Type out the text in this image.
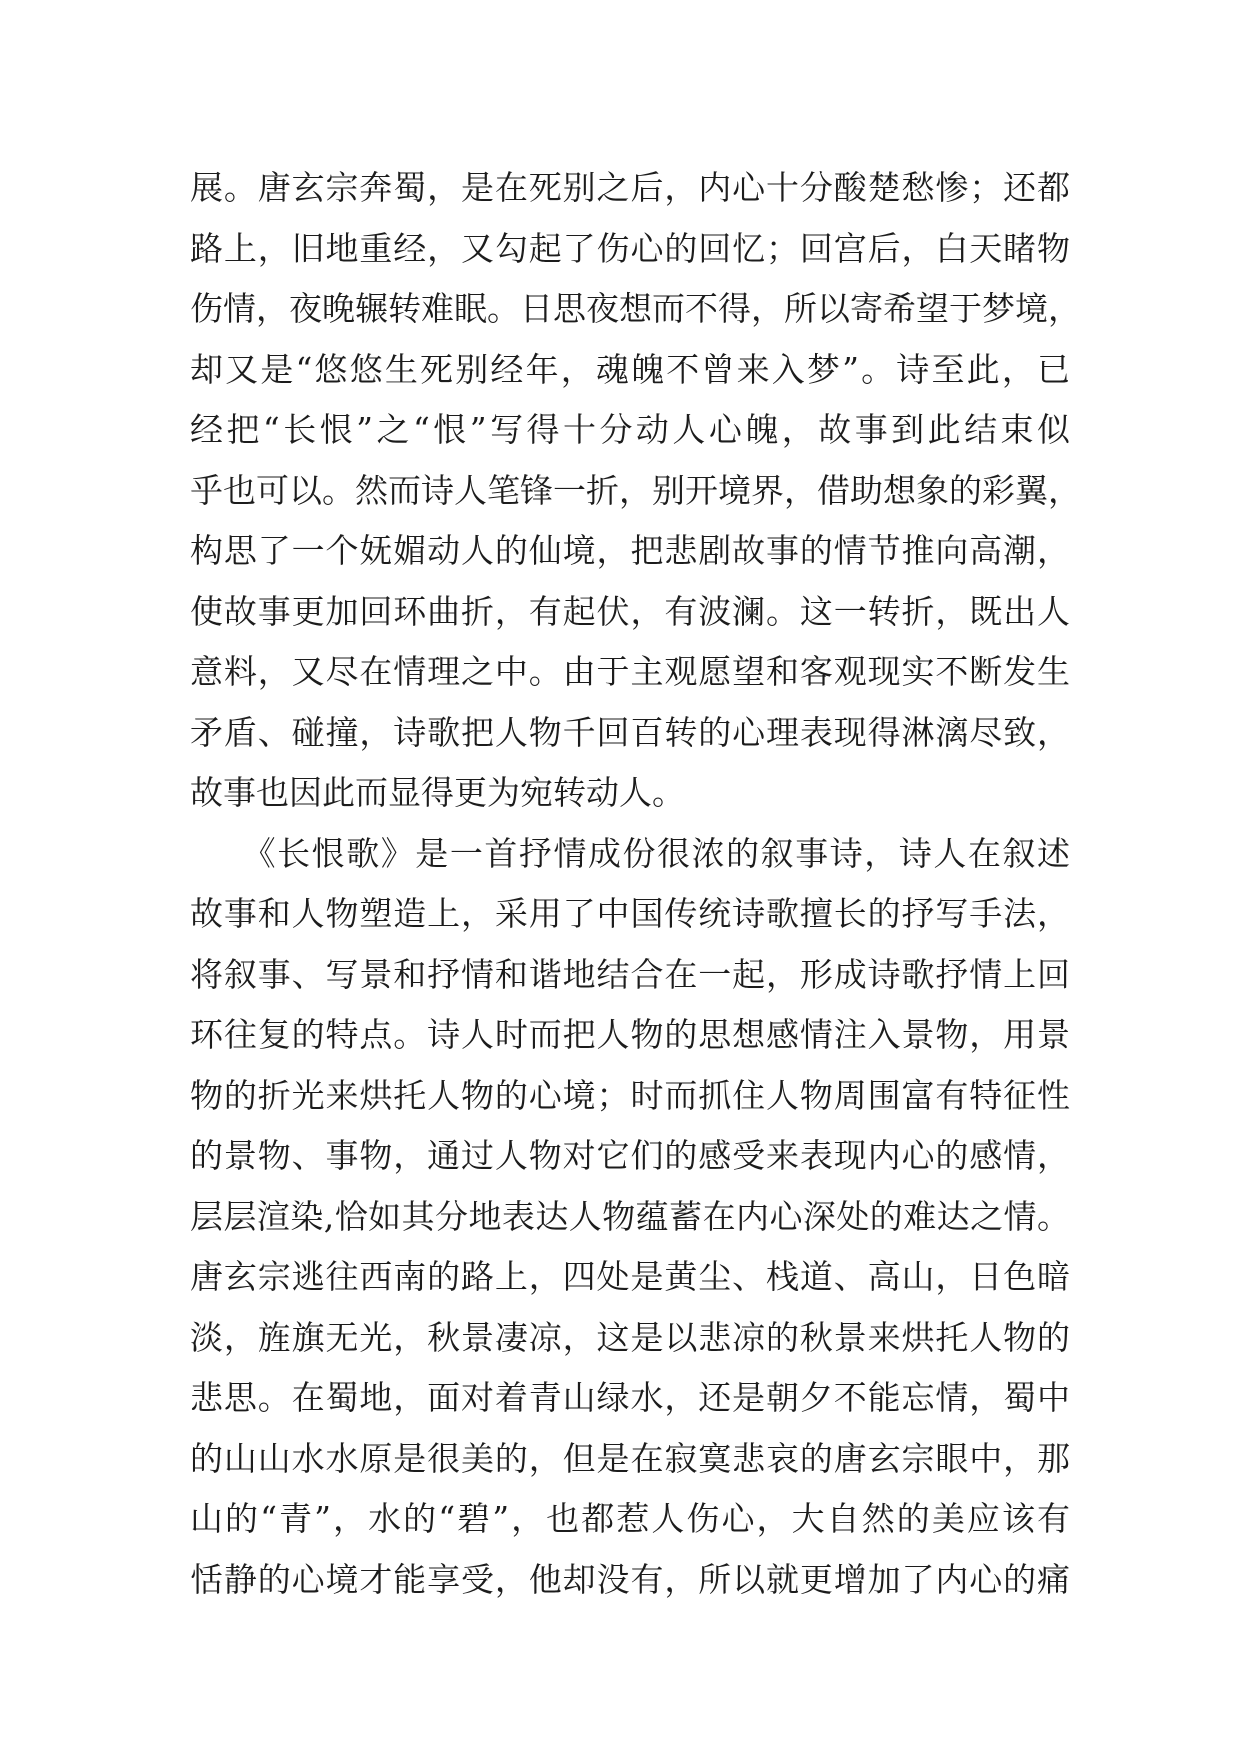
展。唐玄宗奔蜀，是在死别之后，内心十分酸楚愁惨；还都
路上，旧地重经，又勾起了伤心的回忆；回宫后，白天睹物
伤情，夜晚辗转难眠。日思夜想而不得，所以寄希望于梦境，
却又是“悠悠生死别经年，魂魄不曾来入梦”。诗至此，已
经把“长恨”之“恨”写得十分动人心魄，故事到此结束似
乎也可以。然而诗人笔锋一折，别开境界，借助想象的彩翼，
构思了一个妩媚动人的仙境，把悲剧故事的情节推向高潮，
使故事更加回环曲折，有起伏，有波澜。这一转折，既出人
意料，又尽在情理之中。由于主观愿望和客观现实不断发生
矛盾、碰撞，诗歌把人物千回百转的心理表现得淋漓尽致，
故事也因此而显得更为宛转动人。
　　《长恨歌》是一首抒情成份很浓的叙事诗，诗人在叙述
故事和人物塑造上，采用了中国传统诗歌擅长的抒写手法，
将叙事、写景和抒情和谐地结合在一起，形成诗歌抒情上回
环往复的特点。诗人时而把人物的思想感情注入景物，用景
物的折光来烘托人物的心境；时而抓住人物周围富有特征性
的景物、事物，通过人物对它们的感受来表现内心的感情，
层层渲染,恰如其分地表达人物蕴蓄在内心深处的难达之情。
唐玄宗逃往西南的路上，四处是黄尘、栈道、高山，日色暗
淡，旌旗无光，秋景凄凉，这是以悲凉的秋景来烘托人物的
悲思。在蜀地，面对着青山绿水，还是朝夕不能忘情，蜀中
的山山水水原是很美的，但是在寂寞悲哀的唐玄宗眼中，那
山的“青”，水的“碧”，也都惹人伤心，大自然的美应该有
恬静的心境才能享受，他却没有，所以就更增加了内心的痛
